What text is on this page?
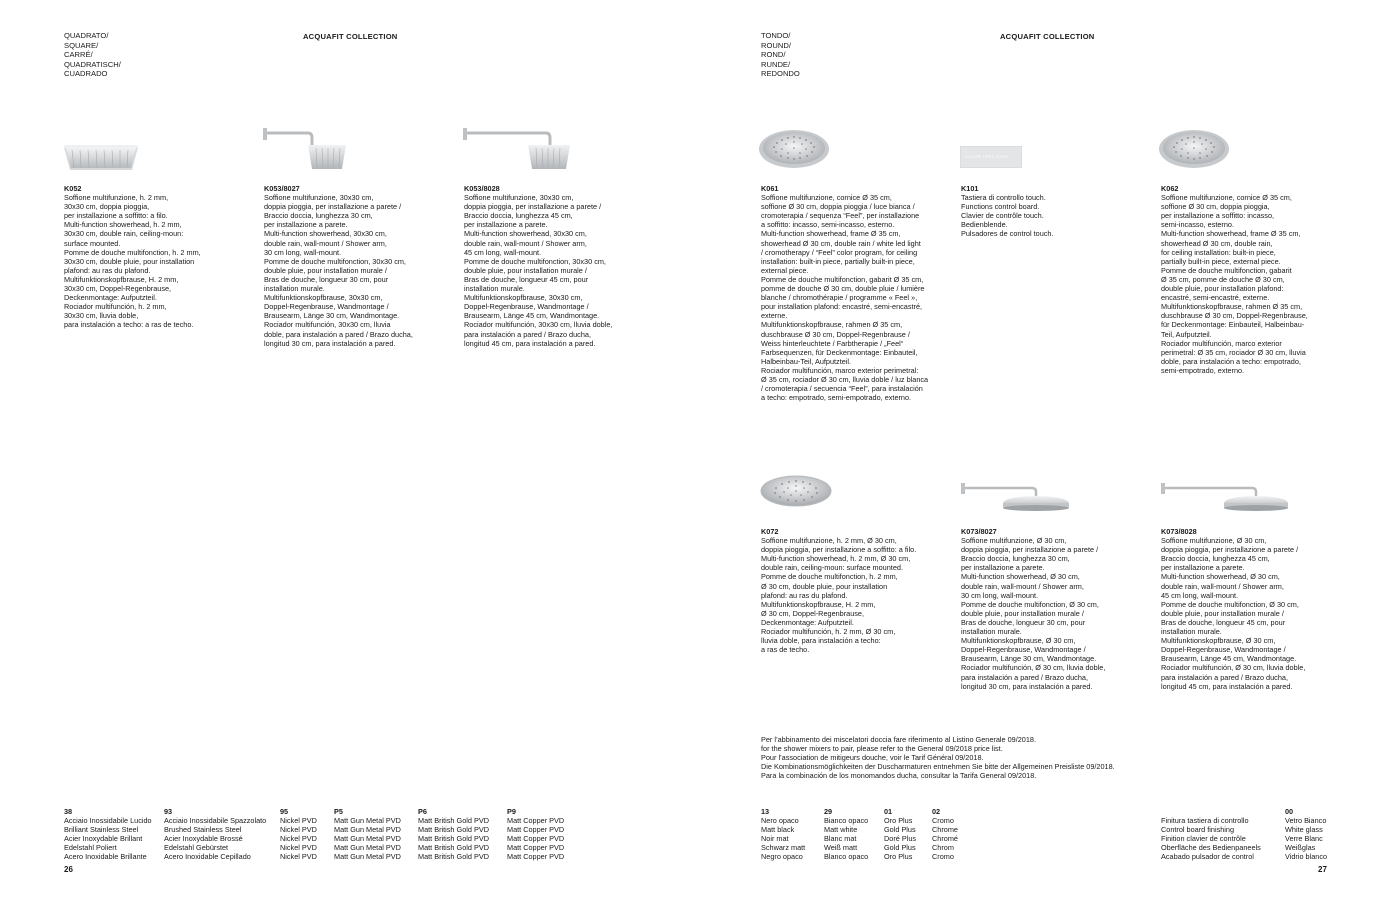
QUADRATO/
SQUARE/
CARRÉ/
QUADRATISCH/
CUADRADO
ACQUAFIT COLLECTION
K052
Soffione multifunzione, h. 2 mm,
30x30 cm, doppia pioggia,
per installazione a soffitto: a filo.
Multi-function showerhead, h. 2 mm,
30x30 cm, double rain, ceiling-moun:
surface mounted.
Pomme de douche multifonction, h. 2 mm,
30x30 cm, double pluie, pour installation
plafond: au ras du plafond.
Multifunktionskopfbrause, H. 2 mm,
30x30 cm, Doppel-Regenbrause,
Deckenmontage: Aufputzteil.
Rociador multifunción, h. 2 mm,
30x30 cm, lluvia doble,
para instalación a techo: a ras de techo.
K053/8027
Soffione multifunzione, 30x30 cm,
doppia pioggia, per installazione a parete /
Braccio doccia, lunghezza 30 cm,
per installazione a parete.
Multi-function showerhead, 30x30 cm,
double rain, wall-mount / Shower arm,
30 cm long, wall-mount.
Pomme de douche multifonction, 30x30 cm,
double pluie, pour installation murale /
Bras de douche, longueur 30 cm, pour
installation murale.
Multifunktionskopfbrause, 30x30 cm,
Doppel-Regenbrause, Wandmontage /
Brausearm, Länge 30 cm, Wandmontage.
Rociador multifunción, 30x30 cm, lluvia
doble, para instalación a pared / Brazo ducha,
longitud 30 cm, para instalación a pared.
K053/8028
Soffione multifunzione, 30x30 cm,
doppia pioggia, per installazione a parete /
Braccio doccia, lunghezza 45 cm,
per installazione a parete.
Multi-function showerhead, 30x30 cm,
double rain, wall-mount / Shower arm,
45 cm long, wall-mount.
Pomme de douche multifonction, 30x30 cm,
double pluie, pour installation murale /
Bras de douche, longueur 45 cm, pour
installation murale.
Multifunktionskopfbrause, 30x30 cm,
Doppel-Regenbrause, Wandmontage /
Brausearm, Länge 45 cm, Wandmontage.
Rociador multifunción, 30x30 cm, lluvia doble,
para instalación a pared / Brazo ducha,
longitud 45 cm, para instalación a pared.
38
Acciaio Inossidabile Lucido
Brilliant Stainless Steel
Acier Inoxydable Brillant
Edelstahl Poliert
Acero Inoxidable Brillante
93
Acciaio Inossidabile Spazzolato
Brushed Stainless Steel
Acier Inoxydable Brossé
Edelstahl Gebürstet
Acero Inoxidable Cepillado
95
Nickel PVD
Nickel PVD
Nickel PVD
Nickel PVD
Nickel PVD
P5
Matt Gun Metal PVD
Matt Gun Metal PVD
Matt Gun Metal PVD
Matt Gun Metal PVD
Matt Gun Metal PVD
P6
Matt British Gold PVD
Matt British Gold PVD
Matt British Gold PVD
Matt British Gold PVD
Matt British Gold PVD
P9
Matt Copper PVD
Matt Copper PVD
Matt Copper PVD
Matt Copper PVD
Matt Copper PVD
26
TONDO/
ROUND/
ROND/
RUNDE/
REDONDO
ACQUAFIT COLLECTION
COLOR FEEL LIGHT
K061
Soffione multifunzione, cornice Ø 35 cm,
soffione Ø 30 cm, doppia pioggia / luce bianca /
cromoterapia / sequenza “Feel”, per installazione
a soffitto: incasso, semi-incasso, esterno.
Multi-function showerhead, frame Ø 35 cm,
showerhead Ø 30 cm, double rain / white led light
/ cromotherapy / “Feel” color program, for ceiling
installation: built-in piece, partially built-in piece,
external piece.
Pomme de douche multifonction, gabarit Ø 35 cm,
pomme de douche Ø 30 cm, double pluie / lumière
blanche / chromothérapie / programme « Feel »,
pour installation plafond: encastré, semi-encastré,
externe.
Multifunktionskopfbrause, rahmen Ø 35 cm,
duschbrause Ø 30 cm, Doppel-Regenbrause /
Weiss hinterleuchtete / Farbtherapie / „Feel“
Farbsequenzen, für Deckenmontage: Einbauteil,
Halbeinbau-Teil, Aufputzteil.
Rociador multifunción, marco exterior perimetral:
Ø 35 cm, rociador Ø 30 cm, lluvia doble / luz blanca
/ cromoterapia / secuencia “Feel”, para instalación
a techo: empotrado, semi-empotrado, externo.
K101
Tastiera di controllo touch.
Functions control board.
Clavier de contrôle touch.
Bedienblende.
Pulsadores de control touch.
K062
Soffione multifunzione, cornice Ø 35 cm,
soffione Ø 30 cm, doppia pioggia,
per installazione a soffitto: incasso,
semi-incasso, esterno.
Multi-function showerhead, frame Ø 35 cm,
showerhead Ø 30 cm, double rain,
for ceiling installation: built-in piece,
partially built-in piece, external piece.
Pomme de douche multifonction, gabarit
Ø 35 cm, pomme de douche Ø 30 cm,
double pluie, pour installation plafond:
encastré, semi-encastré, externe.
Multifunktionskopfbrause, rahmen Ø 35 cm,
duschbrause Ø 30 cm, Doppel-Regenbrause,
für Deckenmontage: Einbauteil, Halbeinbau-
Teil, Aufputzteil.
Rociador multifunción, marco exterior
perimetral: Ø 35 cm, rociador Ø 30 cm, lluvia
doble, para instalación a techo: empotrado,
semi-empotrado, externo.
K072
Soffione multifunzione, h. 2 mm, Ø 30 cm,
doppia pioggia, per installazione a soffitto: a filo.
Multi-function showerhead, h. 2 mm, Ø 30 cm,
double rain, ceiling-moun: surface mounted.
Pomme de douche multifonction, h. 2 mm,
Ø 30 cm, double pluie, pour installation
plafond: au ras du plafond.
Multifunktionskopfbrause, H. 2 mm,
Ø 30 cm, Doppel-Regenbrause,
Deckenmontage: Aufputzteil.
Rociador multifunción, h. 2 mm, Ø 30 cm,
lluvia doble, para instalación a techo:
a ras de techo.
K073/8027
Soffione multifunzione, Ø 30 cm,
doppia pioggia, per installazione a parete /
Braccio doccia, lunghezza 30 cm,
per installazione a parete.
Multi-function showerhead, Ø 30 cm,
double rain, wall-mount / Shower arm,
30 cm long, wall-mount.
Pomme de douche multifonction, Ø 30 cm,
double pluie, pour installation murale /
Bras de douche, longueur 30 cm, pour
installation murale.
Multifunktionskopfbrause, Ø 30 cm,
Doppel-Regenbrause, Wandmontage /
Brausearm, Länge 30 cm, Wandmontage.
Rociador multifunción, Ø 30 cm, lluvia doble,
para instalación a pared / Brazo ducha,
longitud 30 cm, para instalación a pared.
K073/8028
Soffione multifunzione, Ø 30 cm,
doppia pioggia, per installazione a parete /
Braccio doccia, lunghezza 45 cm,
per installazione a parete.
Multi-function showerhead, Ø 30 cm,
double rain, wall-mount / Shower arm,
45 cm long, wall-mount.
Pomme de douche multifonction, Ø 30 cm,
double pluie, pour installation murale /
Bras de douche, longueur 45 cm, pour
installation murale.
Multifunktionskopfbrause, Ø 30 cm,
Doppel-Regenbrause, Wandmontage /
Brausearm, Länge 45 cm, Wandmontage.
Rociador multifunción, Ø 30 cm, lluvia doble,
para instalación a pared / Brazo ducha,
longitud 45 cm, para instalación a pared.
Per l’abbinamento dei miscelatori doccia fare riferimento al Listino Generale 09/2018.
for the shower mixers to pair, please refer to the General 09/2018 price list.
Pour l’association de mitigeurs douche, voir le Tarif Général 09/2018.
Die Kombinationsmöglichkeiten der Duscharmaturen entnehmen Sie bitte der Allgemeinen Preisliste 09/2018.
Para la combinación de los monomandos ducha, consultar la Tarifa General 09/2018.
13
Nero opaco
Matt black
Noir mat
Schwarz matt
Negro opaco
29
Bianco opaco
Matt white
Blanc mat
Weiß matt
Blanco opaco
01
Oro Plus
Gold Plus
Doré Plus
Gold Plus
Oro Plus
02
Cromo
Chrome
Chromé
Chrom
Cromo
Finitura tastiera di controllo
Control board finishing
Finition clavier de contrôle
Oberfläche des Bedienpaneels
Acabado pulsador de control
00
Vetro Bianco
White glass
Verre Blanc
Weißglas
Vidrio blanco
27
